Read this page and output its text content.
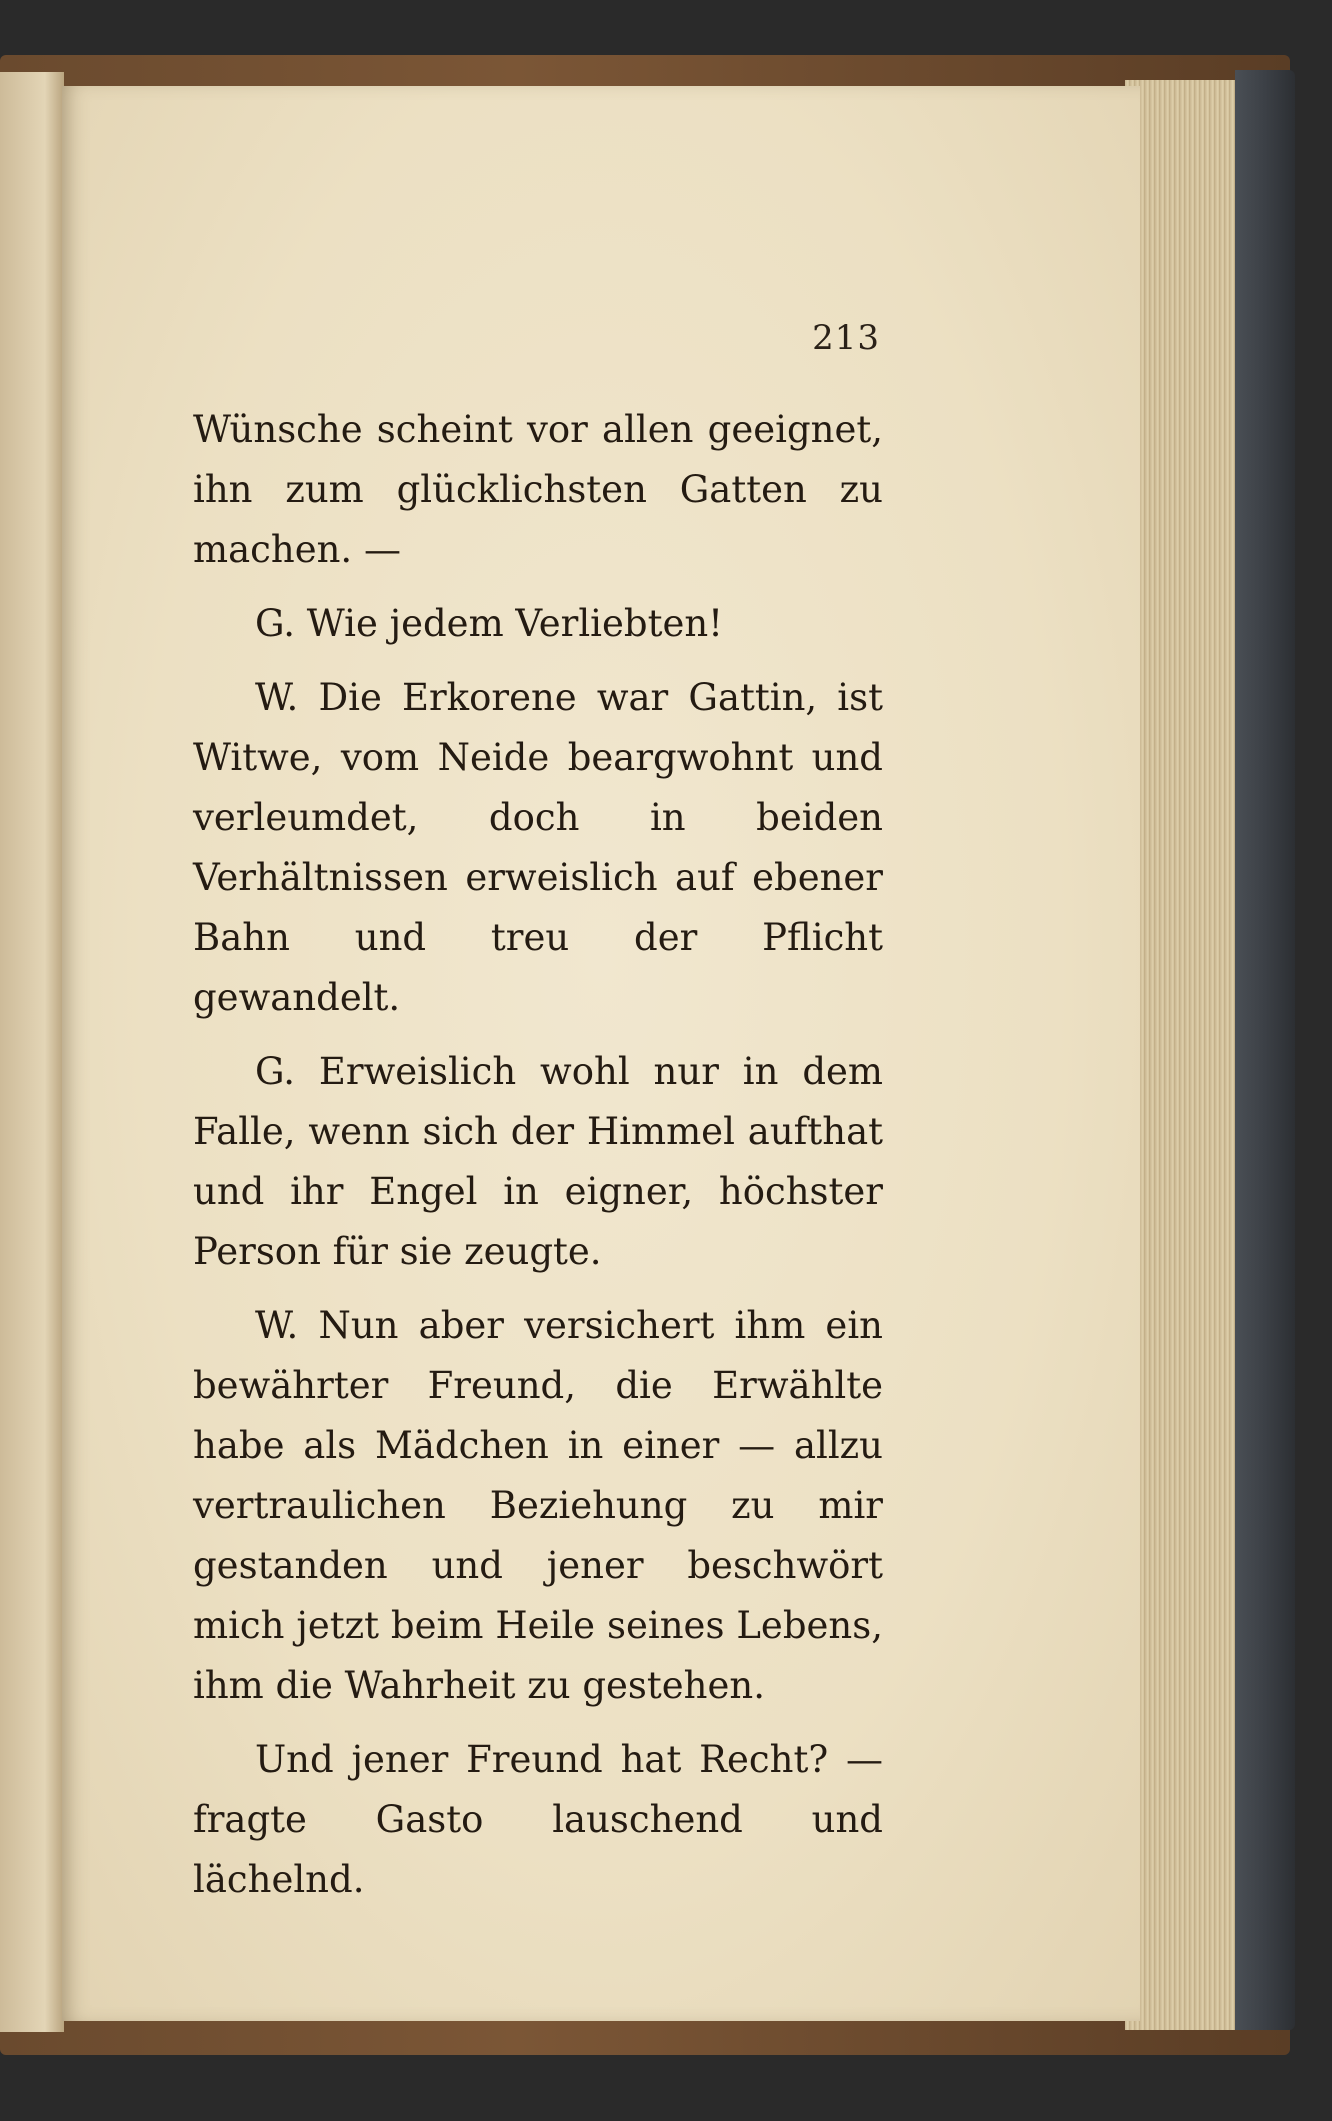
213

Wünsche scheint vor allen geeignet, ihn zum glücklichsten Gatten zu machen. —

G. Wie jedem Verliebten!

W. Die Erkorene war Gattin, ist Witwe, vom Neide beargwohnt und verleumdet, doch in beiden Verhältnissen erweislich auf ebener Bahn und treu der Pflicht gewandelt.

G. Erweislich wohl nur in dem Falle, wenn sich der Himmel aufthat und ihr Engel in eigner, höchster Person für sie zeugte.

W. Nun aber versichert ihm ein bewährter Freund, die Erwählte habe als Mädchen in einer — allzu vertraulichen Beziehung zu mir gestanden und jener beschwört mich jetzt beim Heile seines Lebens, ihm die Wahrheit zu gestehen.

Und jener Freund hat Recht? — fragte Gasto lauschend und lächelnd.
